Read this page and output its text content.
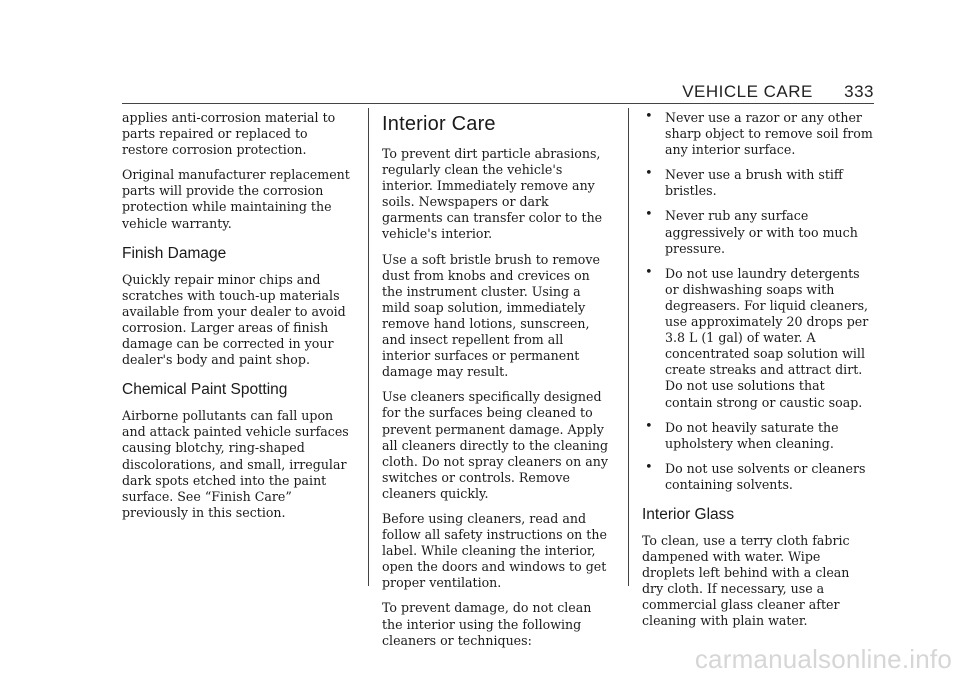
VEHICLE CARE 333

applies anti-corrosion material to parts repaired or replaced to restore corrosion protection.

Original manufacturer replacement parts will provide the corrosion protection while maintaining the vehicle warranty.

Finish Damage

Quickly repair minor chips and scratches with touch-up materials available from your dealer to avoid corrosion. Larger areas of finish damage can be corrected in your dealer's body and paint shop.

Chemical Paint Spotting

Airborne pollutants can fall upon and attack painted vehicle surfaces causing blotchy, ring-shaped discolorations, and small, irregular dark spots etched into the paint surface. See “Finish Care” previously in this section.

Interior Care

To prevent dirt particle abrasions, regularly clean the vehicle's interior. Immediately remove any soils. Newspapers or dark garments can transfer color to the vehicle's interior.

Use a soft bristle brush to remove dust from knobs and crevices on the instrument cluster. Using a mild soap solution, immediately remove hand lotions, sunscreen, and insect repellent from all interior surfaces or permanent damage may result.

Use cleaners specifically designed for the surfaces being cleaned to prevent permanent damage. Apply all cleaners directly to the cleaning cloth. Do not spray cleaners on any switches or controls. Remove cleaners quickly.

Before using cleaners, read and follow all safety instructions on the label. While cleaning the interior, open the doors and windows to get proper ventilation.

To prevent damage, do not clean the interior using the following cleaners or techniques:

• Never use a razor or any other sharp object to remove soil from any interior surface.
• Never use a brush with stiff bristles.
• Never rub any surface aggressively or with too much pressure.
• Do not use laundry detergents or dishwashing soaps with degreasers. For liquid cleaners, use approximately 20 drops per 3.8 L (1 gal) of water. A concentrated soap solution will create streaks and attract dirt. Do not use solutions that contain strong or caustic soap.
• Do not heavily saturate the upholstery when cleaning.
• Do not use solvents or cleaners containing solvents.
Interior Glass

To clean, use a terry cloth fabric dampened with water. Wipe droplets left behind with a clean dry cloth. If necessary, use a commercial glass cleaner after cleaning with plain water.

carmanualsonline.info
